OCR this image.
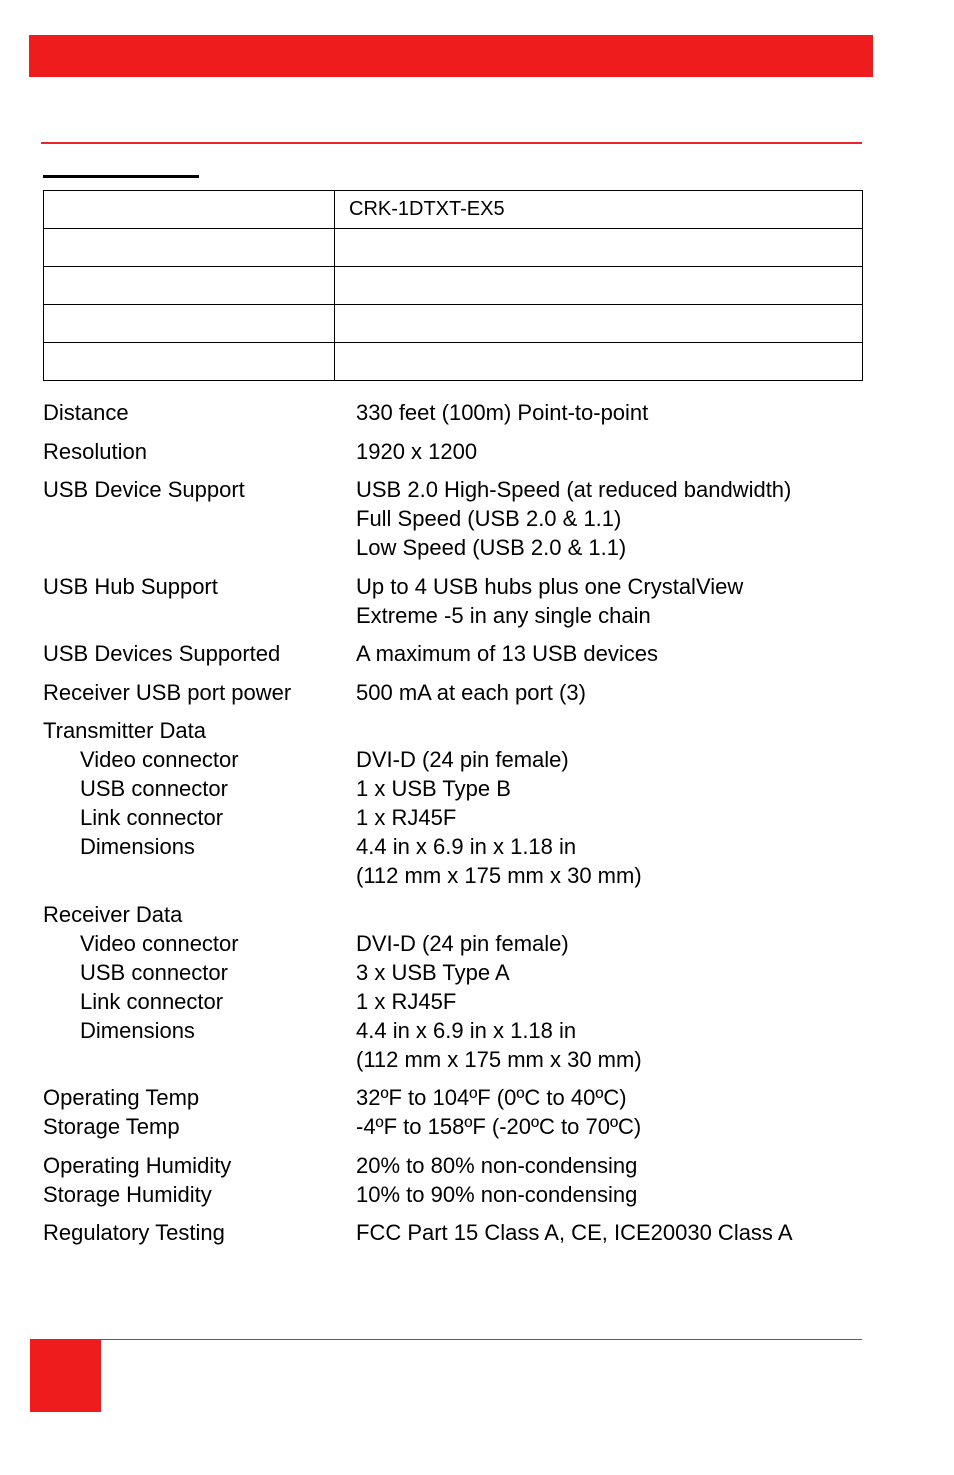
	CRK-1DTXT-EX5

Distance	330 feet (100m) Point-to-point
Resolution	1920 x 1200
USB Device Support	USB 2.0 High-Speed (at reduced bandwidth)
Full Speed (USB 2.0 & 1.1)
Low Speed (USB 2.0 & 1.1)
USB Hub Support	Up to 4 USB hubs plus one CrystalView
Extreme -5 in any single chain
USB Devices Supported	A maximum of 13 USB devices
Receiver USB port power	500 mA at each port (3)
Transmitter Data
Video connector	DVI-D (24 pin female)
USB connector	1 x USB Type B
Link connector	1 x RJ45F
Dimensions	4.4 in x 6.9 in x 1.18 in
(112 mm x 175 mm x 30 mm)
Receiver Data
Video connector	DVI-D (24 pin female)
USB connector	3 x USB Type A
Link connector	1 x RJ45F
Dimensions	4.4 in x 6.9 in x 1.18 in
(112 mm x 175 mm x 30 mm)
Operating Temp	32ºF to 104ºF (0ºC to 40ºC)
Storage Temp	-4ºF to 158ºF (-20ºC to 70ºC)
Operating Humidity	20% to 80% non-condensing
Storage Humidity	10% to 90% non-condensing
Regulatory Testing	FCC Part 15 Class A, CE, ICE20030 Class A
